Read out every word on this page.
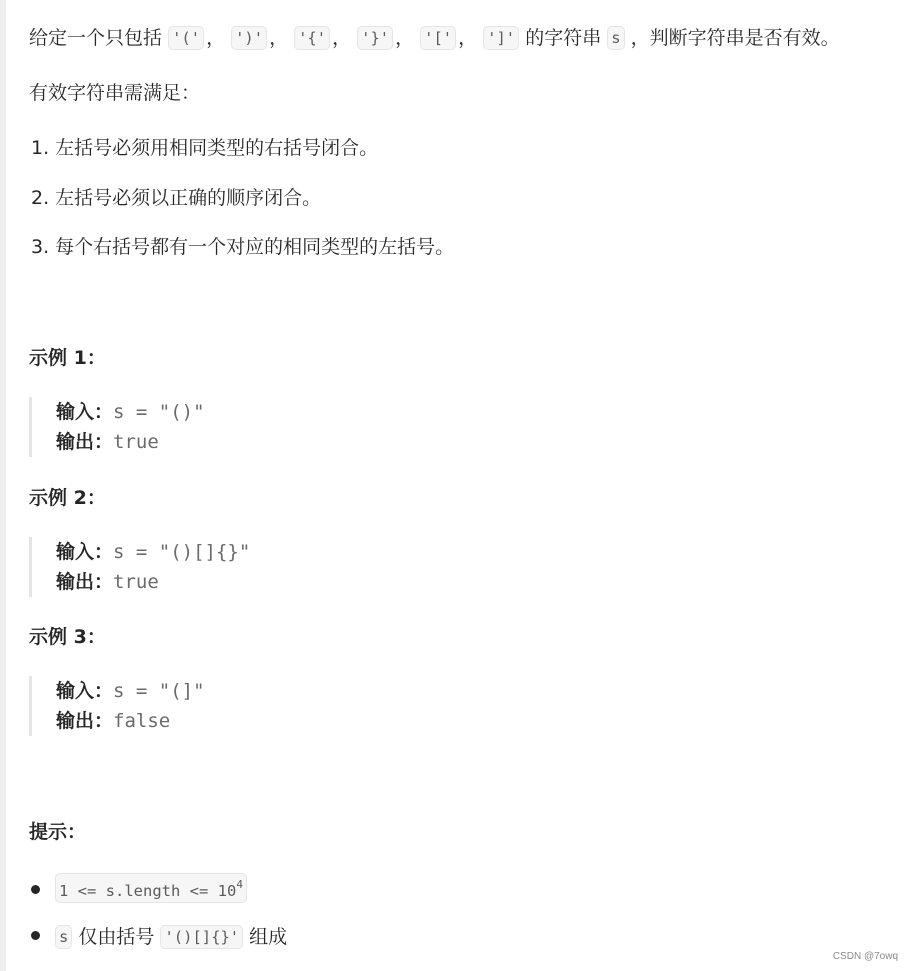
给定一个只包括 '(' ， ')' ， '{' ， '}' ， '[' ， ']' 的字符串 s ，判断字符串是否有效。
有效字符串需满足：
1. 左括号必须用相同类型的右括号闭合。
2. 左括号必须以正确的顺序闭合。
3. 每个右括号都有一个对应的相同类型的左括号。
示例 1：
输入：s = "()"
输出：true
示例 2：
输入：s = "()[]{}"
输出：true
示例 3：
输入：s = "(]"
输出：false
提示：
1 <= s.length <= $10^4$
s 仅由括号 '()[]{}' 组成
CSDN @7owq
